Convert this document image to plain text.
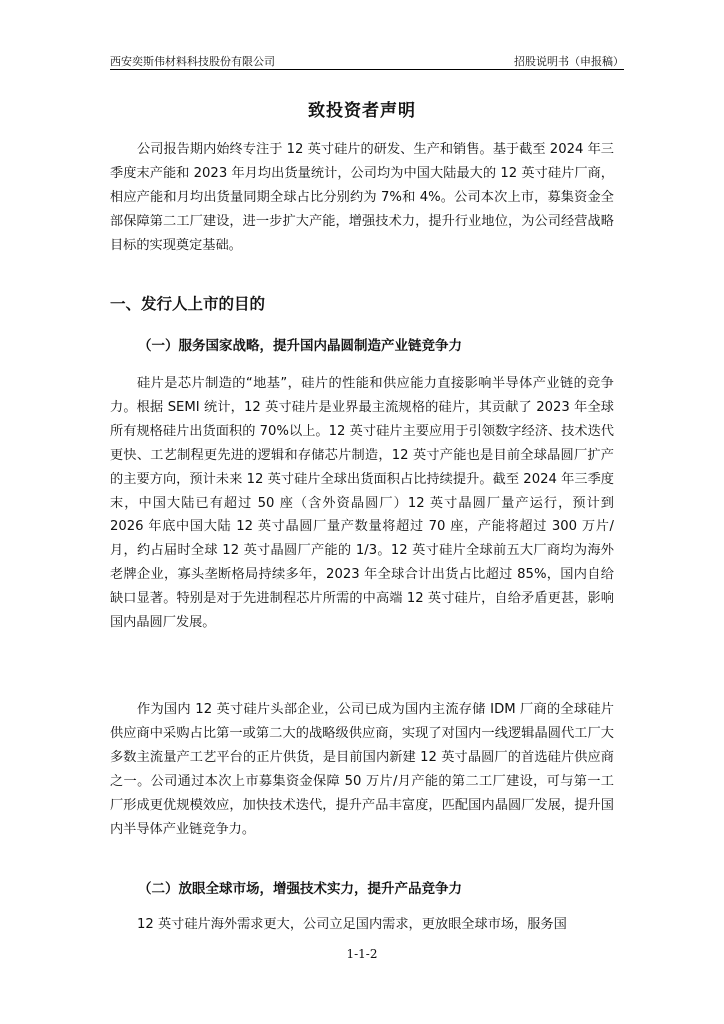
西安奕斯伟材料科技股份有限公司	招股说明书（申报稿）
致投资者声明

公司报告期内始终专注于 12 英寸硅片的研发、生产和销售。基于截至 2024 年三季度末产能和 2023 年月均出货量统计，公司均为中国大陆最大的 12 英寸硅片厂商，相应产能和月均出货量同期全球占比分别约为 7%和 4%。公司本次上市，募集资金全部保障第二工厂建设，进一步扩大产能，增强技术力，提升行业地位，为公司经营战略目标的实现奠定基础。

一、发行人上市的目的
（一）服务国家战略，提升国内晶圆制造产业链竞争力

硅片是芯片制造的“地基”，硅片的性能和供应能力直接影响半导体产业链的竞争力。根据 SEMI 统计，12 英寸硅片是业界最主流规格的硅片，其贡献了 2023 年全球所有规格硅片出货面积的 70%以上。12 英寸硅片主要应用于引领数字经济、技术迭代更快、工艺制程更先进的逻辑和存储芯片制造，12 英寸产能也是目前全球晶圆厂扩产的主要方向，预计未来 12 英寸硅片全球出货面积占比持续提升。截至 2024 年三季度末，中国大陆已有超过 50 座（含外资晶圆厂）12 英寸晶圆厂量产运行，预计到 2026 年底中国大陆 12 英寸晶圆厂量产数量将超过 70 座，产能将超过 300 万片/月，约占届时全球 12 英寸晶圆厂产能的 1/3。12 英寸硅片全球前五大厂商均为海外老牌企业，寡头垄断格局持续多年，2023 年全球合计出货占比超过 85%，国内自给缺口显著。特别是对于先进制程芯片所需的中高端 12 英寸硅片，自给矛盾更甚，影响国内晶圆厂发展。

作为国内 12 英寸硅片头部企业，公司已成为国内主流存储 IDM 厂商的全球硅片供应商中采购占比第一或第二大的战略级供应商，实现了对国内一线逻辑晶圆代工厂大多数主流量产工艺平台的正片供货，是目前国内新建 12 英寸晶圆厂的首选硅片供应商之一。公司通过本次上市募集资金保障 50 万片/月产能的第二工厂建设，可与第一工厂形成更优规模效应，加快技术迭代，提升产品丰富度，匹配国内晶圆厂发展，提升国内半导体产业链竞争力。

（二）放眼全球市场，增强技术实力，提升产品竞争力

12 英寸硅片海外需求更大，公司立足国内需求，更放眼全球市场，服务国

1-1-2
